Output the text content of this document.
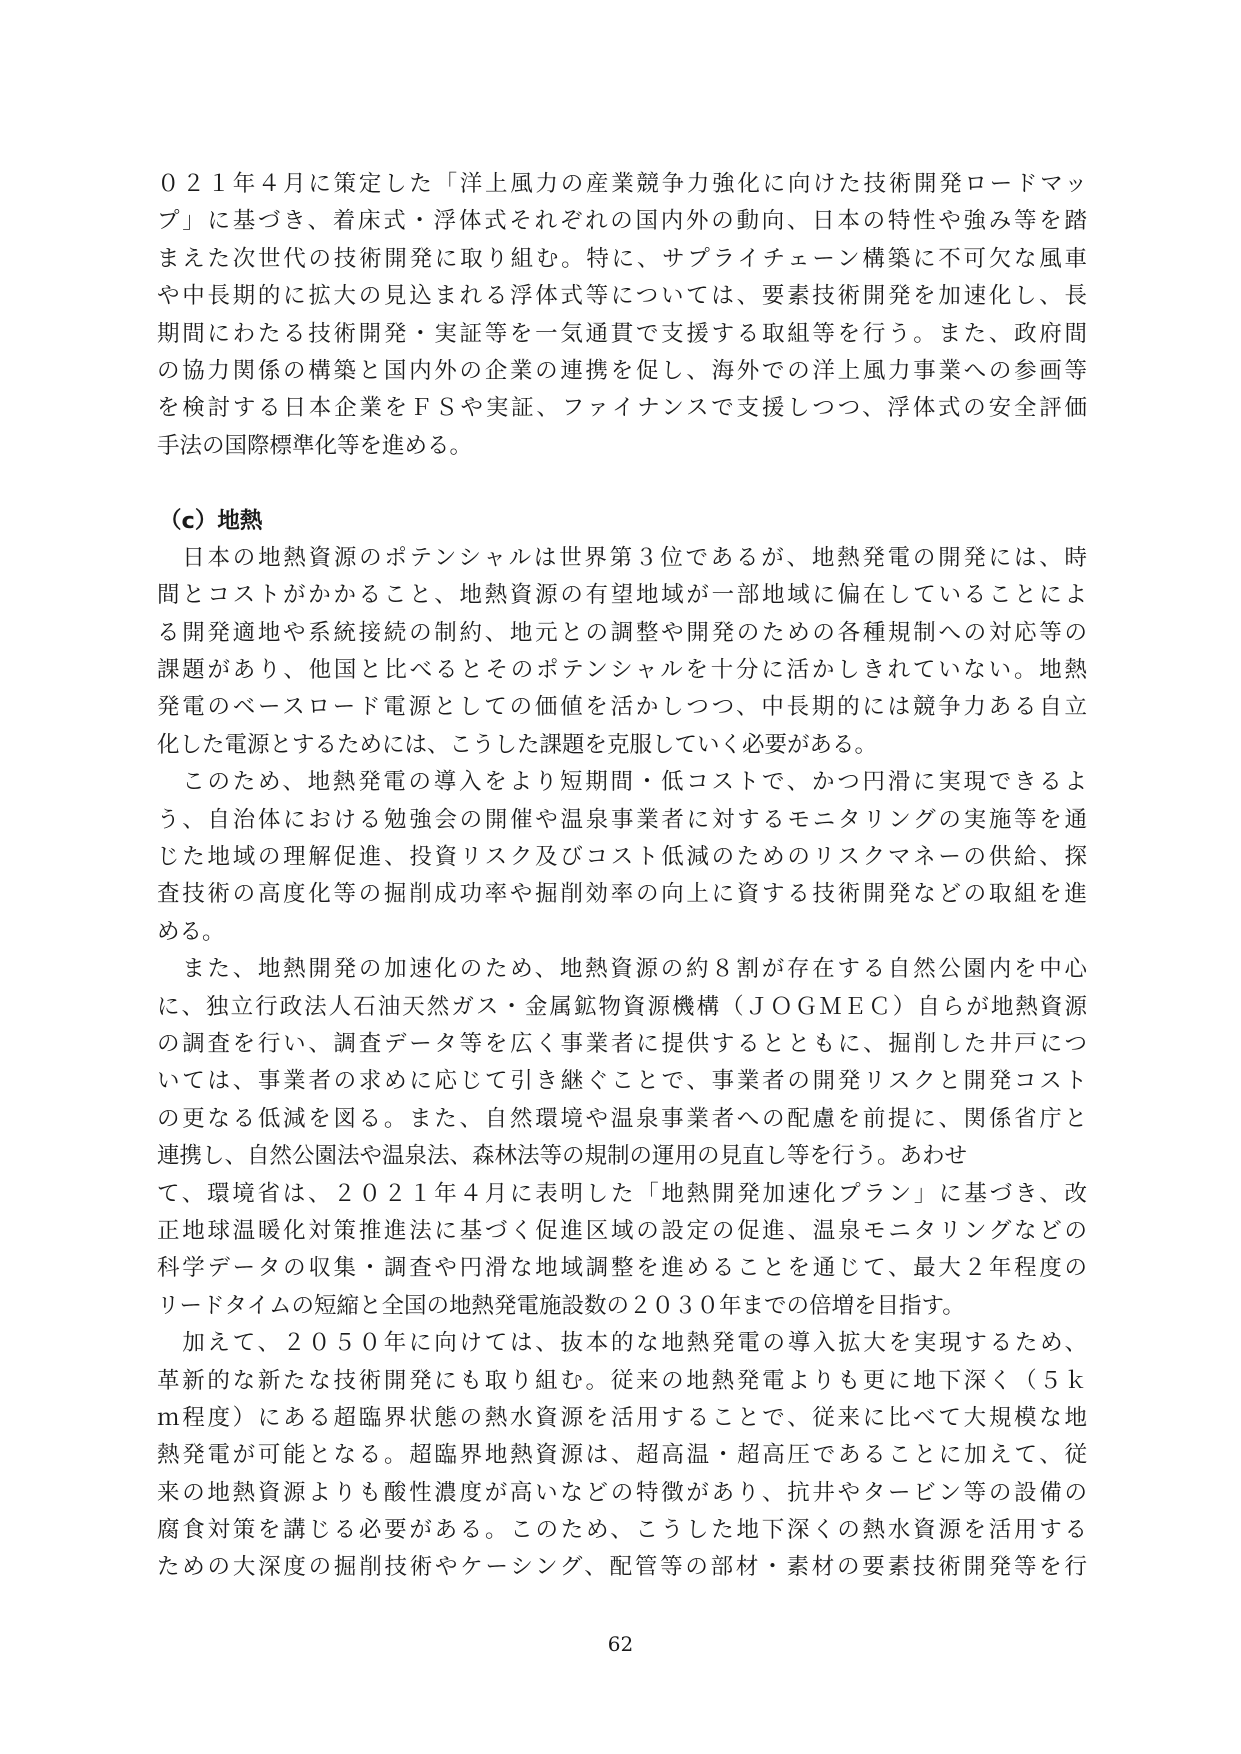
０２１年４月に策定した「洋上風力の産業競争力強化に向けた技術開発ロードマッ
プ」に基づき、着床式・浮体式それぞれの国内外の動向、日本の特性や強み等を踏
まえた次世代の技術開発に取り組む。特に、サプライチェーン構築に不可欠な風車
や中長期的に拡大の見込まれる浮体式等については、要素技術開発を加速化し、長
期間にわたる技術開発・実証等を一気通貫で支援する取組等を行う。また、政府間
の協力関係の構築と国内外の企業の連携を促し、海外での洋上風力事業への参画等
を検討する日本企業をＦＳや実証、ファイナンスで支援しつつ、浮体式の安全評価
手法の国際標準化等を進める。
（c）地熱
　日本の地熱資源のポテンシャルは世界第３位であるが、地熱発電の開発には、時
間とコストがかかること、地熱資源の有望地域が一部地域に偏在していることによ
る開発適地や系統接続の制約、地元との調整や開発のための各種規制への対応等の
課題があり、他国と比べるとそのポテンシャルを十分に活かしきれていない。地熱
発電のベースロード電源としての価値を活かしつつ、中長期的には競争力ある自立
化した電源とするためには、こうした課題を克服していく必要がある。
　このため、地熱発電の導入をより短期間・低コストで、かつ円滑に実現できるよ
う、自治体における勉強会の開催や温泉事業者に対するモニタリングの実施等を通
じた地域の理解促進、投資リスク及びコスト低減のためのリスクマネーの供給、探
査技術の高度化等の掘削成功率や掘削効率の向上に資する技術開発などの取組を進
める。
　また、地熱開発の加速化のため、地熱資源の約８割が存在する自然公園内を中心
に、独立行政法人石油天然ガス・金属鉱物資源機構（ＪＯＧＭＥＣ）自らが地熱資源
の調査を行い、調査データ等を広く事業者に提供するとともに、掘削した井戸につ
いては、事業者の求めに応じて引き継ぐことで、事業者の開発リスクと開発コスト
の更なる低減を図る。また、自然環境や温泉事業者への配慮を前提に、関係省庁と
連携し、自然公園法や温泉法、森林法等の規制の運用の見直し等を行う。あわせ
て、環境省は、２０２１年４月に表明した「地熱開発加速化プラン」に基づき、改
正地球温暖化対策推進法に基づく促進区域の設定の促進、温泉モニタリングなどの
科学データの収集・調査や円滑な地域調整を進めることを通じて、最大２年程度の
リードタイムの短縮と全国の地熱発電施設数の２０３０年までの倍増を目指す。
　加えて、２０５０年に向けては、抜本的な地熱発電の導入拡大を実現するため、
革新的な新たな技術開発にも取り組む。従来の地熱発電よりも更に地下深く（５ｋ
ｍ程度）にある超臨界状態の熱水資源を活用することで、従来に比べて大規模な地
熱発電が可能となる。超臨界地熱資源は、超高温・超高圧であることに加えて、従
来の地熱資源よりも酸性濃度が高いなどの特徴があり、抗井やタービン等の設備の
腐食対策を講じる必要がある。このため、こうした地下深くの熱水資源を活用する
ための大深度の掘削技術やケーシング、配管等の部材・素材の要素技術開発等を行
62
